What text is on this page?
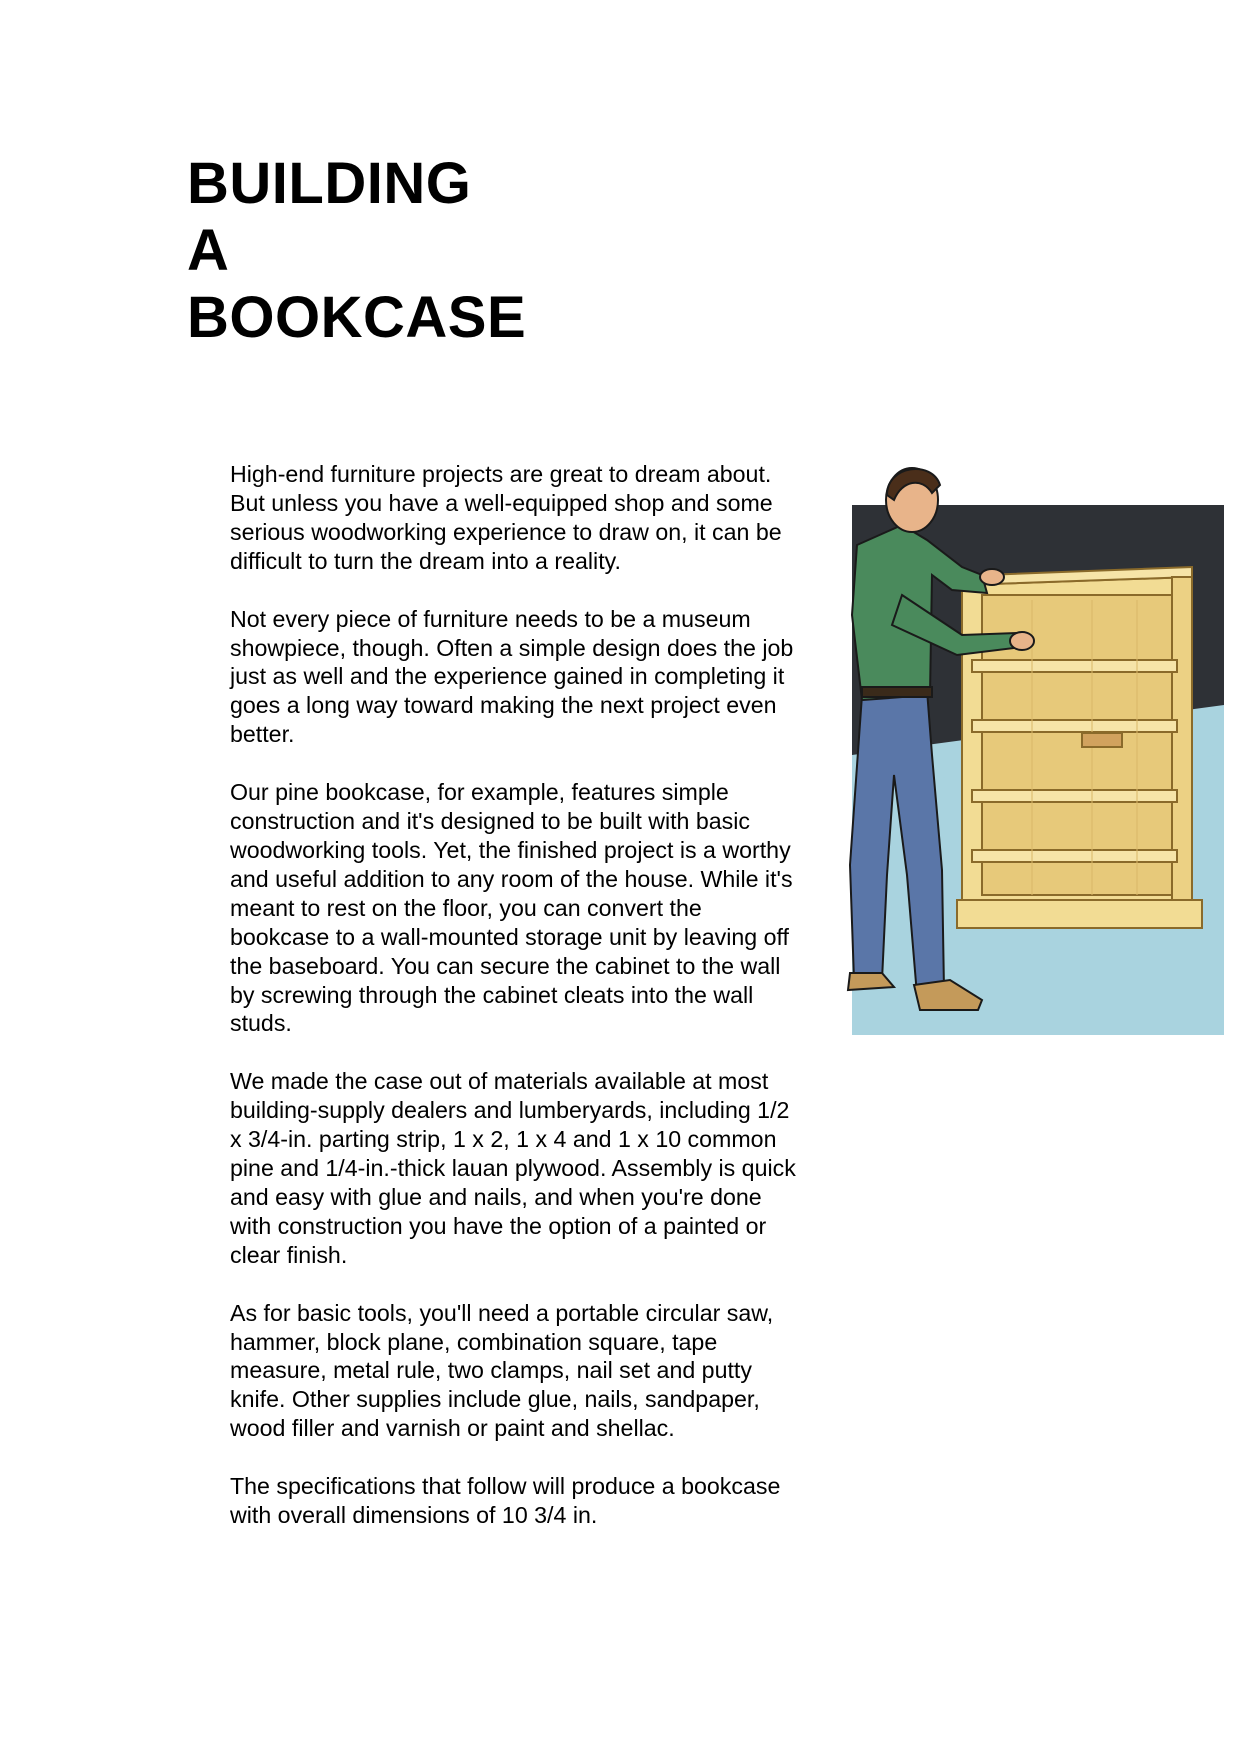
BUILDING
A
BOOKCASE

High-end furniture projects are great to dream about. But unless you have a well-equipped shop and some serious woodworking experience to draw on, it can be difficult to turn the dream into a reality.

Not every piece of furniture needs to be a museum showpiece, though. Often a simple design does the job just as well and the experience gained in completing it goes a long way toward making the next project even better.

Our pine bookcase, for example, features simple construction and it's designed to be built with basic woodworking tools. Yet, the finished project is a worthy and useful addition to any room of the house. While it's meant to rest on the floor, you can convert the bookcase to a wall-mounted storage unit by leaving off the baseboard. You can secure the cabinet to the wall by screwing through the cabinet cleats into the wall studs.

We made the case out of materials available at most building-supply dealers and lumberyards, including 1/2 x 3/4-in. parting strip, 1 x 2, 1 x 4 and 1 x 10 common pine and 1/4-in.-thick lauan plywood. Assembly is quick and easy with glue and nails, and when you're done with construction you have the option of a painted or clear finish.

As for basic tools, you'll need a portable circular saw, hammer, block plane, combination square, tape measure, metal rule, two clamps, nail set and putty knife. Other supplies include glue, nails, sandpaper, wood filler and varnish or paint and shellac.

The specifications that follow will produce a bookcase with overall dimensions of 10 3/4 in.
